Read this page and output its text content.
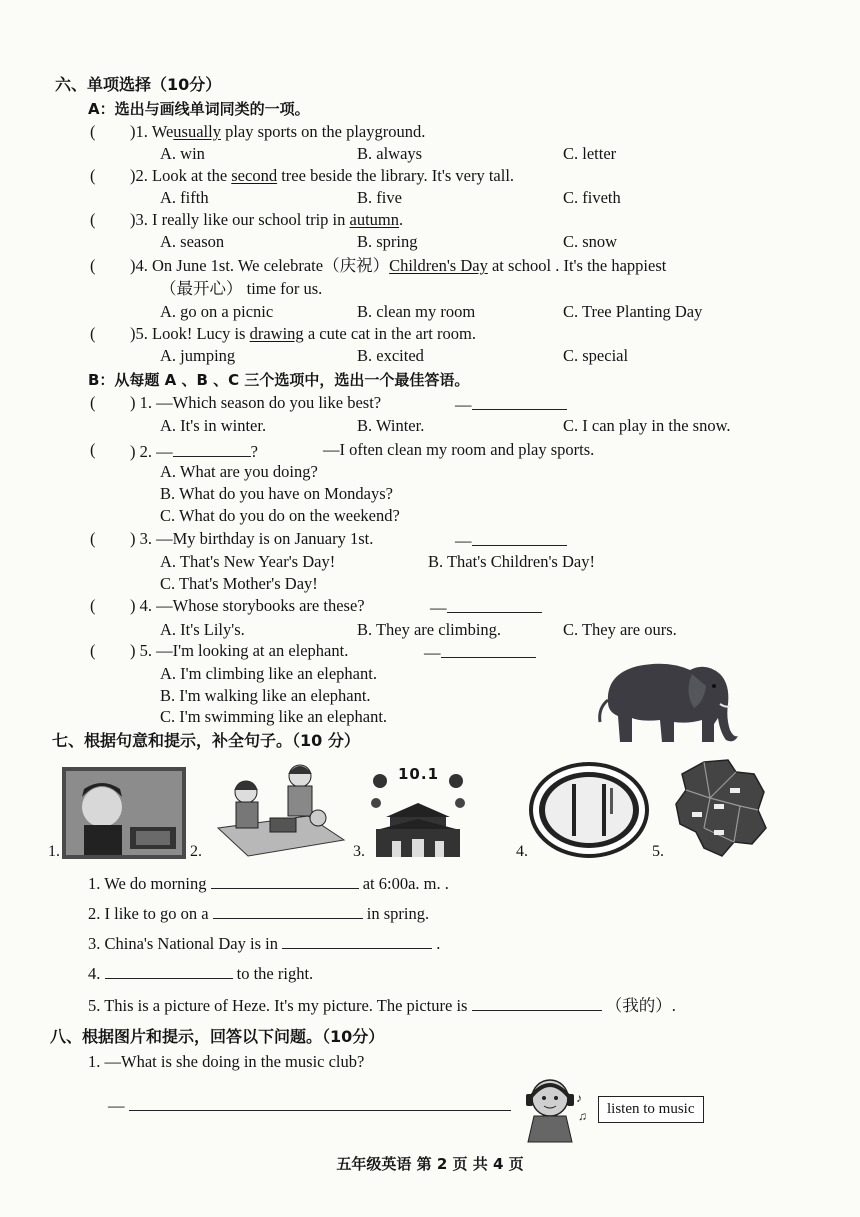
六、单项选择（10分）
A：选出与画线单词同类的一项。
( )1. Weusually play sports on the playground.
A. win	B. always	C. letter
( )2. Look at the second tree beside the library. It's very tall.
A. fifth	B. five	C. fiveth
( )3. I really like our school trip in autumn.
A. season	B. spring	C. snow
( )4. On June 1st. We celebrate（庆祝）Children's Day at school . It's the happiest
（最开心） time for us.
A. go on a picnic	B. clean my room	C. Tree Planting Day
( )5. Look! Lucy is drawing a cute cat in the art room.
A. jumping	B. excited	C. special
B：从每题 A 、B 、C 三个选项中，选出一个最佳答语。
( ) 1. —Which season do you like best?	—
A. It's in winter.	B. Winter.	C. I can play in the snow.
( ) 2. —	?	—I often clean my room and play sports.
A. What are you doing?
B. What do you have on Mondays?
C. What do you do on the weekend?
( ) 3. —My birthday is on January 1st.	—
A. That's New Year's Day!	B. That's Children's Day!
C. That's Mother's Day!
( ) 4. —Whose storybooks are these?	—
A. It's Lily's.	B. They are climbing.	C. They are ours.
( ) 5. —I'm looking at an elephant.	—
A. I'm climbing like an elephant.
B. I'm walking like an elephant.
C. I'm swimming like an elephant.
七、根据句意和提示，补全句子。（10 分）
1.	2.	3.
10.1
4.	5.
1. We do morning	at 6:00a. m. .
2. I like to go on a	in spring.
3. China's National Day is in	.
4.	to the right.
5. This is a picture of Heze. It's my picture. The picture is	（我的）.
八、根据图片和提示，回答以下问题。（10分）
1. —What is she doing in the music club?
—	♪
♫	listen to music
五年级英语 第 2 页 共 4 页
